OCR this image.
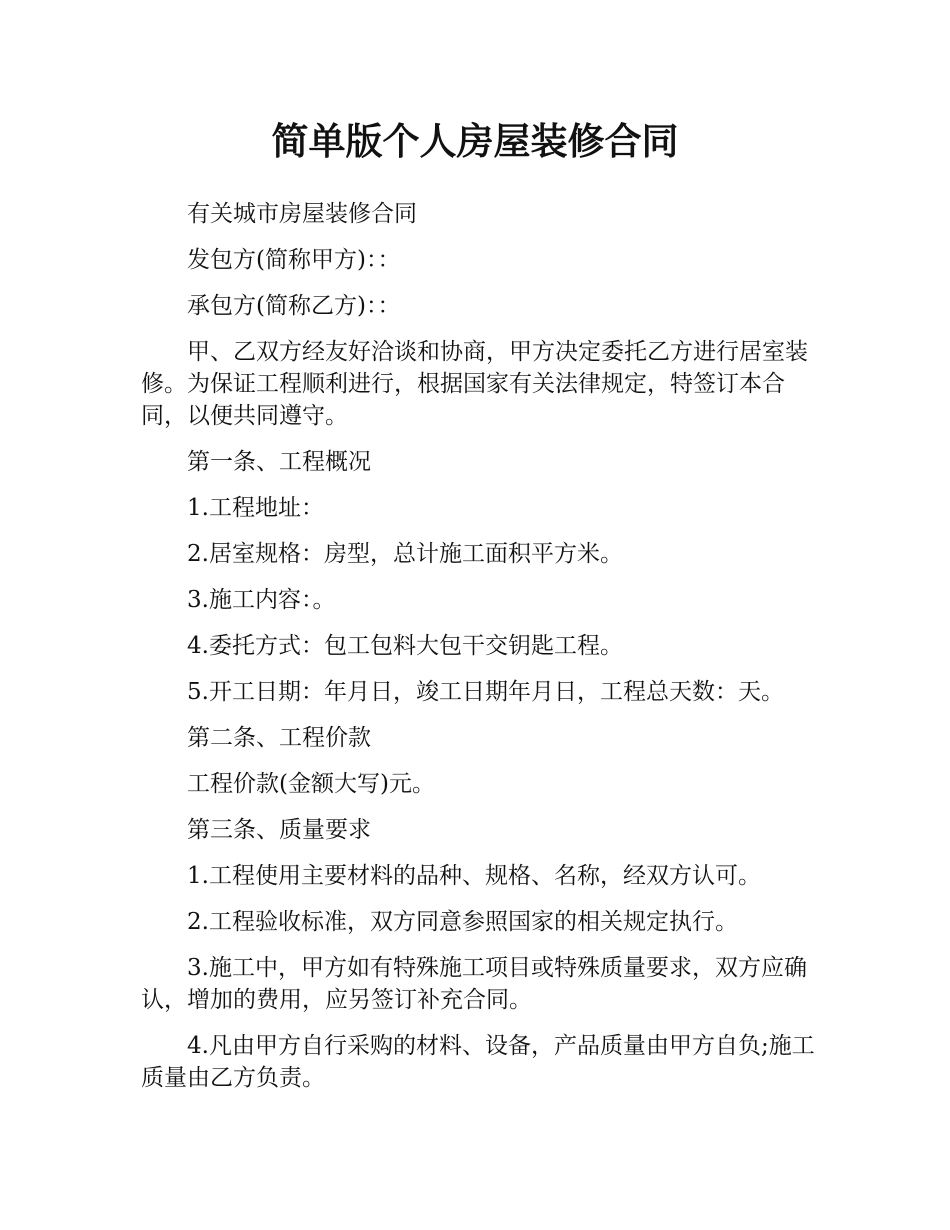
简单版个人房屋装修合同

有关城市房屋装修合同

发包方(简称甲方)：：

承包方(简称乙方)：：

甲、乙双方经友好洽谈和协商，甲方决定委托乙方进行居室装修。为保证工程顺利进行，根据国家有关法律规定，特签订本合同，以便共同遵守。

第一条、工程概况

1.工程地址：

2.居室规格：房型，总计施工面积平方米。

3.施工内容：。

4.委托方式：包工包料大包干交钥匙工程。

5.开工日期：年月日，竣工日期年月日，工程总天数：天。

第二条、工程价款

工程价款(金额大写)元。

第三条、质量要求

1.工程使用主要材料的品种、规格、名称，经双方认可。

2.工程验收标准，双方同意参照国家的相关规定执行。

3.施工中，甲方如有特殊施工项目或特殊质量要求，双方应确认，增加的费用，应另签订补充合同。

4.凡由甲方自行采购的材料、设备，产品质量由甲方自负;施工质量由乙方负责。
